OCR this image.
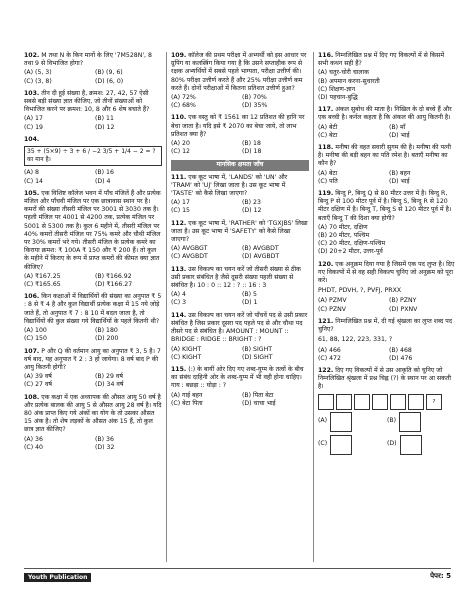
102. M तथा N के किन मानों के लिए '7M528N', 8 तथा 9 से विभाजित होगा?
(A) (5, 3)	(B) (9, 6)
(C) (3, 8)	(D) (6, 0)
103. तीन दी हुई संख्या है, क्रमश: 27, 42, 57 ऐसी सबसे बड़ी संख्या ज्ञात कीजिए, जो तीनों संख्याओं को विभाजित करने पर क्रमश: 10, 8 और 6 शेष बचाते हैं?
(A) 17	(B) 11
(C) 19	(D) 12
104.
35 + (5×9) ÷ 3 + 6 / −2 3/5 + 1/4 − 2 = ? का मान है।
(A) 8	(B) 16
(C) 14	(D) 4
105. एक विशिष्ट कॉलेज भवन में पाँच मंजिलें हैं और प्रत्येक मंजिल और पाँचवी मंजिल पर एक छात्रावास स्थान पर है। कमरों की संख्या तीसरी मंजिल पर 3001 से 3030 तक है। पहली मंजिल पर 4001 से 4200 तक, प्रत्येक मंजिल पर 5001 से 5300 तक है। कुल 6 महीने में, तीसरी मंजिल पर 40% कमरों तीसरी मंजिल पर 75% कमरे और चौथी मंजिल पर 30% कमरों भरे गये। तीसरी मंजिल के प्रत्येक कमरे का किराया क्रमश: ₹ 100A ₹ 150 और ₹ 200 हैं। तो कुल के महीने में किराए के रूप में प्राप्त कमरों की कीमत क्या ज्ञात कीजिए?
(A) ₹167.25	(B) ₹166.92
(C) ₹165.65	(D) ₹166.27
106. किन कक्षाओं में विद्यार्थियों की संख्या का अनुपात ₹ 5 : 8 से ₹ 4 है और कुल विद्यार्थी प्रत्येक कक्षा में 15 नये जोड़े जाते हैं, तो अनुपात ₹ 7 : 8 10 में बदल जाता है, तो विद्यार्थियों की कुल संख्या गये विद्यार्थियों के पहले कितनी थी?
(A) 100	(B) 180
(C) 150	(D) 200
107. P और Q की वर्तमान आयु का अनुपात ₹ 3, 5 है। 7 वर्ष बाद, यह अनुपात ₹ 2 : 3 हो जायेगा। 8 वर्ष बाद P की आयु कितनी होगी?
(A) 39 वर्ष	(B) 29 वर्ष
(C) 27 वर्ष	(D) 34 वर्ष
108. एक कक्षा में एक अध्यापक की औसत आयु 50 वर्ष है और प्रत्येक बालक की आयु 5 से औसत आयु 28 वर्ष है। यदि 80 अंक प्राप्त किए गये अंकों का योग के तो उसका औसत 15 अंक है। तो शेष लड़कों के औसत अंक 15 हैं, तो कुल छात्र ज्ञात कीजिए?
(A) 36	(B) 36
(C) 40	(D) 32
109. कॉलेज की प्रथम परीक्षा में अभ्यर्थी को इस आधार पर ग्रुपिंग या कलस्त्रिंग किया गया है कि उसने सप्ताहीक रूप से रक्षक अभ्यर्थियों में सबसे पहले भाग्यता, परीक्षा उत्तीर्ण की। 80% परीक्षा उत्तीर्ण करते हैं और 25% परीक्षा उत्तीर्ण कम करते हैं। दोनों परीक्षाओं में कितना प्रतिशत उत्तीर्ण हुआ?
(A) 72%	(B) 70%
(C) 68%	(D) 35%
110. एक वस्तु को ₹ 1561 का 12 प्रतिशत की हानि पर बेचा जाता है। यदि इसे ₹ 2070 का बेचा जाये, तो लाभ प्रतिशत क्या है?
(A) 20	(B) 18
(C) 12	(D) 18
मानसिक क्षमता जाँच
111. एक कूट भाषा में, 'LANDS' को 'UN' और 'TRAM' को 'UJ' लिखा जाता है। उस कूट भाषा में 'TASTE' को कैसे लिखा जाएगा?
(A) 17	(B) 23
(C) 15	(D) 12
112. एक कूट भाषा में, 'RATHER' को 'TGXJBS' लिखा जाता है। उस कूट भाषा में 'SAFETY' को कैसे लिखा जाएगा?
(A) AVGBGT	(B) AVGBDT
(C) AVGBDT	(D) AVGBDT
113. उस विकल्प का चयन करें जो तीसरी संख्या से ठीक उसी प्रकार संबंधित है जैसे दूसरी संख्या पहली संख्या से संबंधित है। 10 : 0 :: 12 : ? :: 16 : 3
(A) 4	(B) 5
(C) 3	(D) 1
114. उस विकल्प का चयन करें जो पाँचवें पद से उसी प्रकार संबंधित है जिस प्रकार दूसरा पद पहले पद से और चौथा पद तीसरे पद से संबंधित है। AMOUNT : MOUNT :: BRIDGE : RIDGE :: BRIGHT : ?
(A) KIGHT	(B) SIGHT
(C) KIGHT	(D) SIGHT
115. (:) के बायीं ओर दिए गए शब्द-युग्म के तत्वों के बीच का संबंध दाहिनी ओर के शब्द-युग्म में भी वही होना चाहिए। गाय : बछड़ा :: घोड़ा : ?
(A) गाई बहन	(B) पिता बेटा
(C) बेटा पिता	(D) चाचा भाई
116. निम्नलिखित प्रश्न में दिए गए विकल्पों में से किसमें सभी कथन सही हैं?
(A) चतुर-चोरी चालाक
(B) अपमान करना-सुधारती
(C) शिक्षण-ज्ञान
(D) पहचान-बुद्धि
117. अंकल सुबोध की माता है। निखिल के दो बच्चे हैं और एक बच्ची है। कर्नल कहता है कि अंकल की आयु कितनी है।
(A) बेटी	(B) माँ
(C) बेटा	(D) भाई
118. मनीषा की वहत सवारी सुगम की है। मनीषा की पत्नी है। मनीषा की बड़ी बहन का पति रमेश है। बताएँ मनीषा का कौन है?
(A) बेटा	(B) बहन
(C) पति	(D) भाई
119. बिन्दु P, बिन्दु Q से 80 मीटर उत्तर में है। बिन्दु R, बिन्दु P से 100 मीटर पूर्व में है। बिन्दु S, बिन्दु R से 120 मीटर दक्षिण में है। बिन्दु T, बिन्दु S से 120 मीटर पूर्व में है। बताएँ बिन्दु T की दिशा क्या होगी?
(A) 70 मीटर, दक्षिण
(B) 20 मीटर, पश्चिम
(C) 20 मीटर, दक्षिण-पश्चिम
(D) 20+2 मीटर, उत्तर-पूर्व
120. एक अनुक्रम दिया गया है जिसमें एक पद लुप्त है। दिए गए विकल्पों में से वह सही विकल्प चुनिए जो अनुक्रम को पूरा करे।
PHDT, PDVH, ?, PVFJ, PRXX
(A) PZMV	(B) PZNY
(C) PZNV	(D) PXNV
121. निम्नलिखित प्रश्न में, दी गई श्रृंखला का लुप्त शब्द पद चुनिए?
61, 88, 122, 223, 331, ?
(A) 466	(B) 468
(C) 472	(D) 476
122. दिए गए विकल्पों में से उस आकृति को चुनिए जो निम्नलिखित श्रृंखला में प्रश्न चिह्न (?) के स्थान पर आ सकती है।
?
(A)	(B)
(C)	(D)
Youth Publication	पेपर: 5
